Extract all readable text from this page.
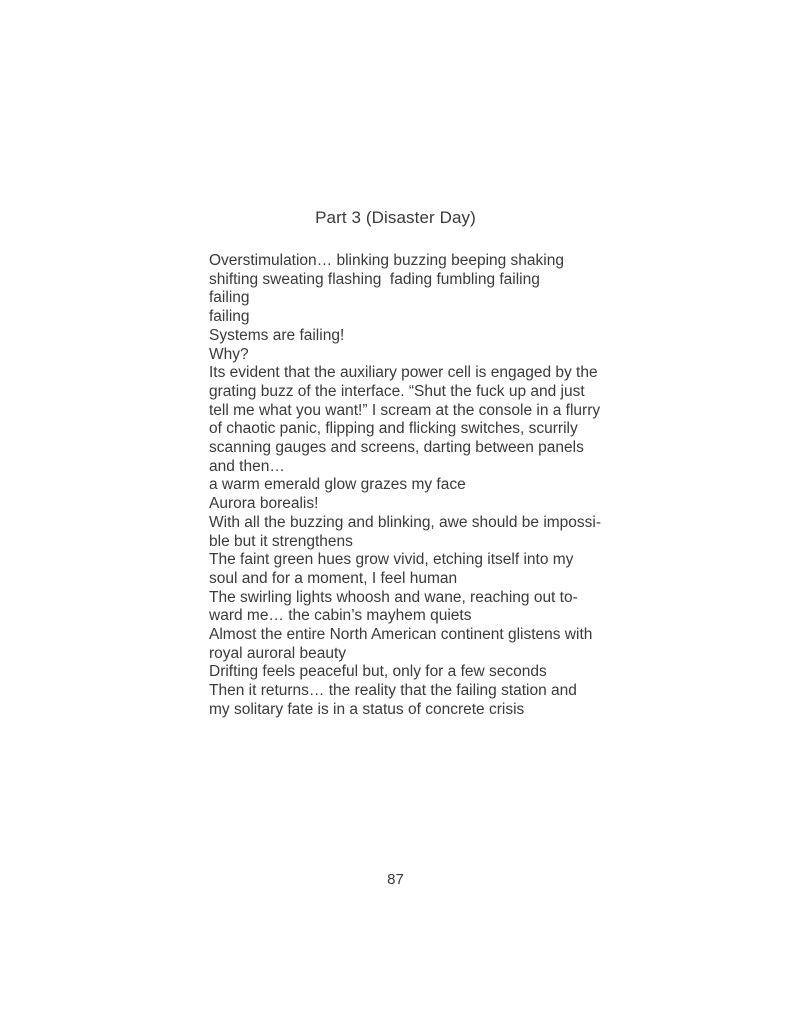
Part 3 (Disaster Day)
Overstimulation… blinking buzzing beeping shaking
shifting sweating flashing  fading fumbling failing
failing
failing
Systems are failing!
Why?
Its evident that the auxiliary power cell is engaged by the
grating buzz of the interface. “Shut the fuck up and just
tell me what you want!” I scream at the console in a flurry
of chaotic panic, flipping and flicking switches, scurrily
scanning gauges and screens, darting between panels
and then…
a warm emerald glow grazes my face
Aurora borealis!
With all the buzzing and blinking, awe should be impossi-
ble but it strengthens
The faint green hues grow vivid, etching itself into my
soul and for a moment, I feel human
The swirling lights whoosh and wane, reaching out to-
ward me… the cabin’s mayhem quiets
Almost the entire North American continent glistens with
royal auroral beauty
Drifting feels peaceful but, only for a few seconds
Then it returns… the reality that the failing station and
my solitary fate is in a status of concrete crisis
87
